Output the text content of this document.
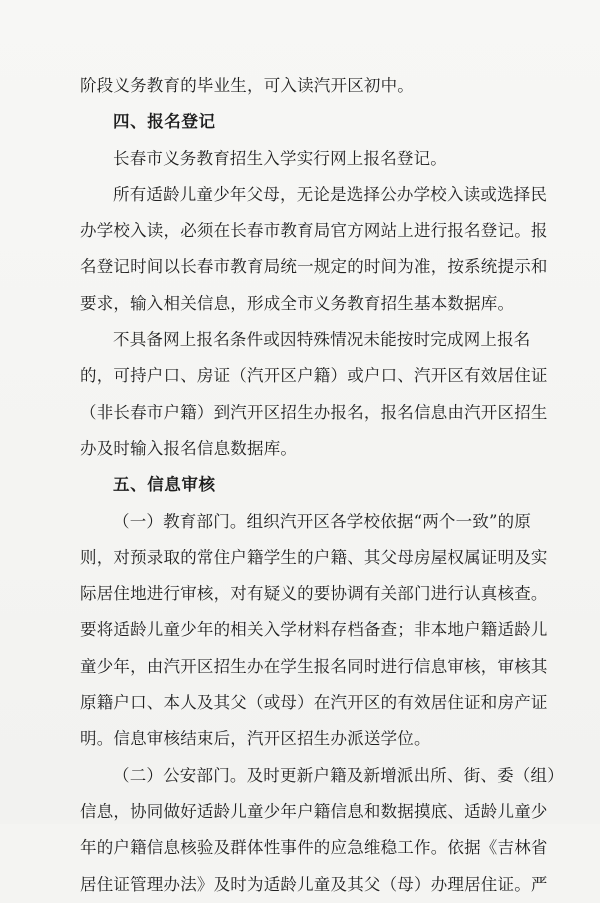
阶段义务教育的毕业生，可入读汽开区初中。
四、报名登记
长春市义务教育招生入学实行网上报名登记。
所有适龄儿童少年父母，无论是选择公办学校入读或选择民
办学校入读，必须在长春市教育局官方网站上进行报名登记。报
名登记时间以长春市教育局统一规定的时间为准，按系统提示和
要求，输入相关信息，形成全市义务教育招生基本数据库。
不具备网上报名条件或因特殊情况未能按时完成网上报名
的，可持户口、房证（汽开区户籍）或户口、汽开区有效居住证
（非长春市户籍）到汽开区招生办报名，报名信息由汽开区招生
办及时输入报名信息数据库。
五、信息审核
（一）教育部门。组织汽开区各学校依据“两个一致”的原
则，对预录取的常住户籍学生的户籍、其父母房屋权属证明及实
际居住地进行审核，对有疑义的要协调有关部门进行认真核查。
要将适龄儿童少年的相关入学材料存档备查；非本地户籍适龄儿
童少年，由汽开区招生办在学生报名同时进行信息审核，审核其
原籍户口、本人及其父（或母）在汽开区的有效居住证和房产证
明。信息审核结束后，汽开区招生办派送学位。
（二）公安部门。及时更新户籍及新增派出所、街、委（组）
信息，协同做好适龄儿童少年户籍信息和数据摸底、适龄儿童少
年的户籍信息核验及群体性事件的应急维稳工作。依据《吉林省
居住证管理办法》及时为适龄儿童及其父（母）办理居住证。严
